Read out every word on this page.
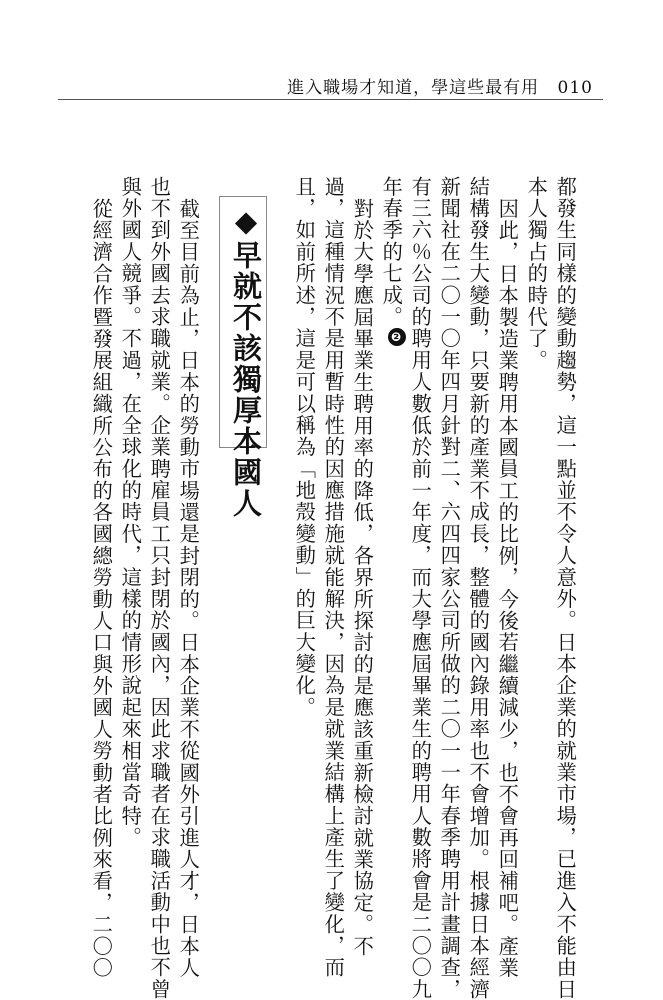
進入職場才知道，學這些最有用 010
都發生同樣的變動趨勢，這一點並不令人意外。日本企業的就業市場，已進入不能由日
本人獨占的時代了。
因此，日本製造業聘用本國員工的比例，今後若繼續減少，也不會再回補吧。產業
結構發生大變動，只要新的產業不成長，整體的國內錄用率也不會增加。根據日本經濟
新聞社在二〇一〇年四月針對二、六四四家公司所做的二〇一一年春季聘用計畫調查，
有三六％公司的聘用人數低於前一年度，而大學應屆畢業生的聘用人數將會是二〇〇九
年春季的七成。❷
對於大學應屆畢業生聘用率的降低，各界所探討的是應該重新檢討就業協定。不
過，這種情況不是用暫時性的因應措施就能解決，因為是就業結構上產生了變化，而
且，如前所述，這是可以稱為「地殼變動」的巨大變化。
◆早就不該獨厚本國人
截至目前為止，日本的勞動市場還是封閉的。日本企業不從國外引進人才，日本人
也不到外國去求職就業。企業聘雇員工只封閉於國內，因此求職者在求職活動中也不曾
與外國人競爭。不過，在全球化的時代，這樣的情形說起來相當奇特。
從經濟合作暨發展組織所公布的各國總勞動人口與外國人勞動者比例來看，二〇〇
